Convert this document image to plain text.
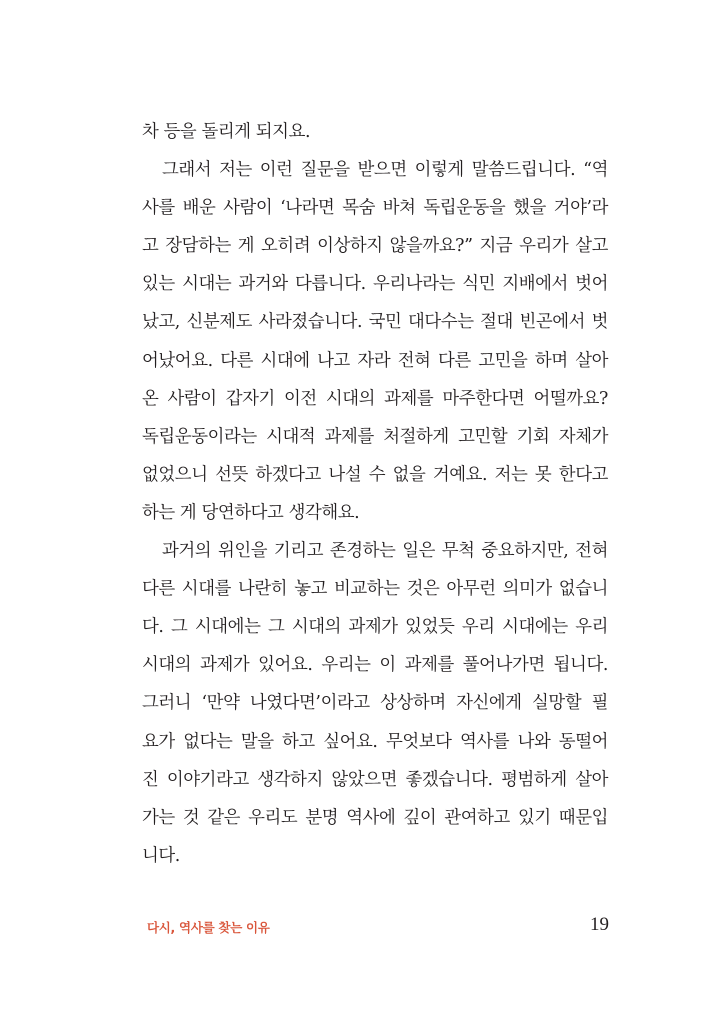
차 등을 돌리게 되지요.
그래서 저는 이런 질문을 받으면 이렇게 말씀드립니다. “역
사를 배운 사람이 ‘나라면 목숨 바쳐 독립운동을 했을 거야’라
고 장담하는 게 오히려 이상하지 않을까요?” 지금 우리가 살고
있는 시대는 과거와 다릅니다. 우리나라는 식민 지배에서 벗어
났고, 신분제도 사라졌습니다. 국민 대다수는 절대 빈곤에서 벗
어났어요. 다른 시대에 나고 자라 전혀 다른 고민을 하며 살아
온 사람이 갑자기 이전 시대의 과제를 마주한다면 어떨까요?
독립운동이라는 시대적 과제를 처절하게 고민할 기회 자체가
없었으니 선뜻 하겠다고 나설 수 없을 거예요. 저는 못 한다고
하는 게 당연하다고 생각해요.
과거의 위인을 기리고 존경하는 일은 무척 중요하지만, 전혀
다른 시대를 나란히 놓고 비교하는 것은 아무런 의미가 없습니
다. 그 시대에는 그 시대의 과제가 있었듯 우리 시대에는 우리
시대의 과제가 있어요. 우리는 이 과제를 풀어나가면 됩니다.
그러니 ‘만약 나였다면’이라고 상상하며 자신에게 실망할 필
요가 없다는 말을 하고 싶어요. 무엇보다 역사를 나와 동떨어
진 이야기라고 생각하지 않았으면 좋겠습니다. 평범하게 살아
가는 것 같은 우리도 분명 역사에 깊이 관여하고 있기 때문입
니다.
다시, 역사를 찾는 이유	19
